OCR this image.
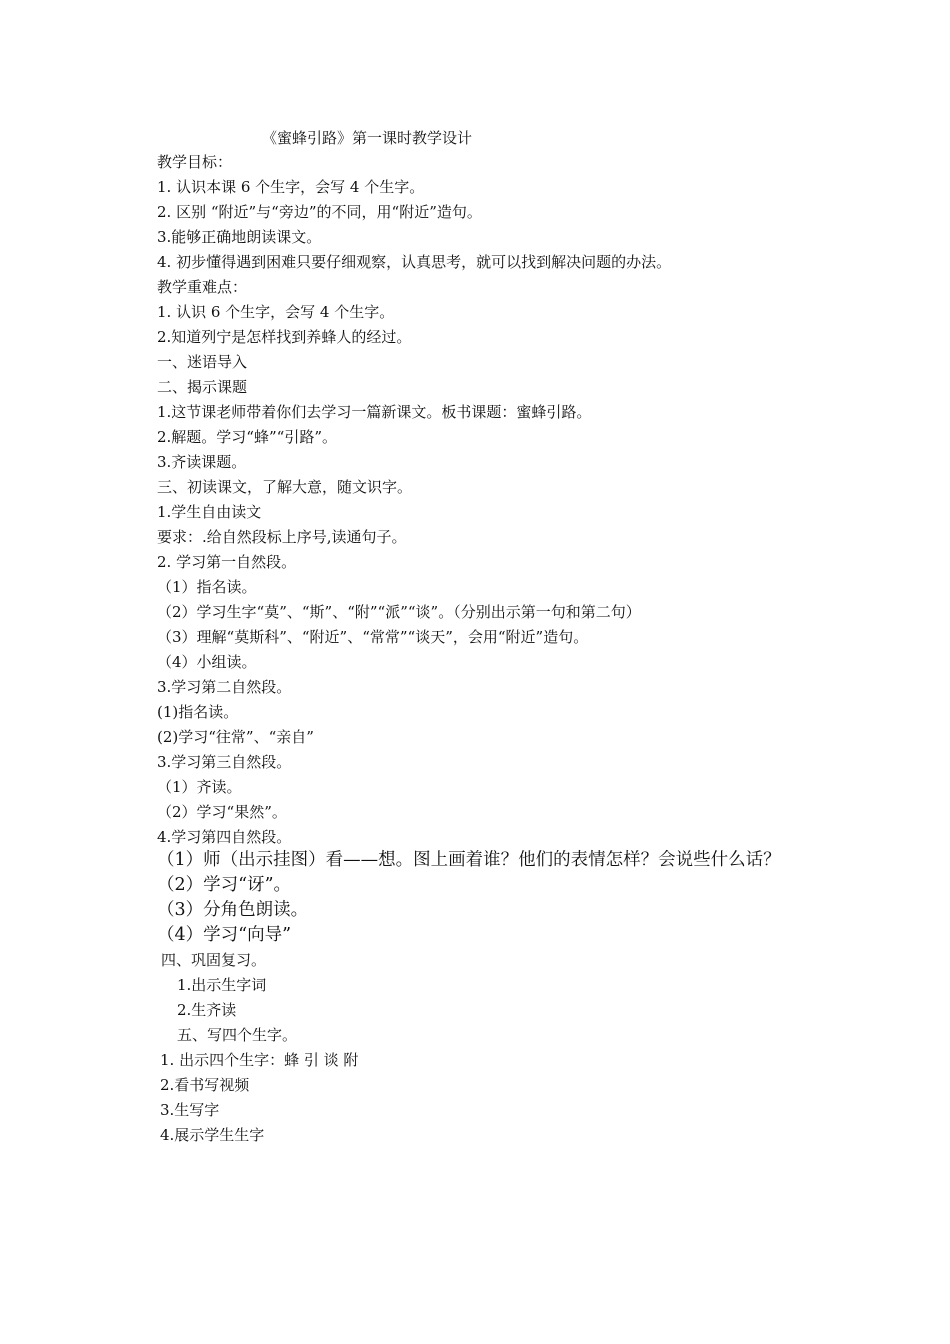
《蜜蜂引路》第一课时教学设计
教学目标：
1. 认识本课 6 个生字，会写 4 个生字。
2. 区别 “附近”与“旁边”的不同，用“附近”造句。
3.能够正确地朗读课文。
4. 初步懂得遇到困难只要仔细观察，认真思考，就可以找到解决问题的办法。
教学重难点：
1. 认识 6 个生字，会写 4 个生字。
2.知道列宁是怎样找到养蜂人的经过。
一、迷语导入
二、揭示课题
1.这节课老师带着你们去学习一篇新课文。板书课题：蜜蜂引路。
2.解题。学习“蜂”“引路”。
3.齐读课题。
三、初读课文，了解大意，随文识字。
1.学生自由读文
要求：.给自然段标上序号,读通句子。
2. 学习第一自然段。
（1）指名读。
（2）学习生字“莫”、“斯”、“附”“派”“谈”。（分别出示第一句和第二句）
（3）理解“莫斯科”、“附近”、“常常”“谈天”，会用“附近”造句。
（4）小组读。
3.学习第二自然段。
(1)指名读。
(2)学习“往常”、“亲自”
3.学习第三自然段。
（1）齐读。
（2）学习“果然”。
4.学习第四自然段。
（1）师（出示挂图）看——想。图上画着谁？他们的表情怎样？会说些什么话？
（2）学习“讶”。
（3）分角色朗读。
（4）学习“向导”
四、巩固复习。
1.出示生字词
2.生齐读
五、写四个生字。
1. 出示四个生字：蜂 引 谈 附
2.看书写视频
3.生写字
4.展示学生生字
